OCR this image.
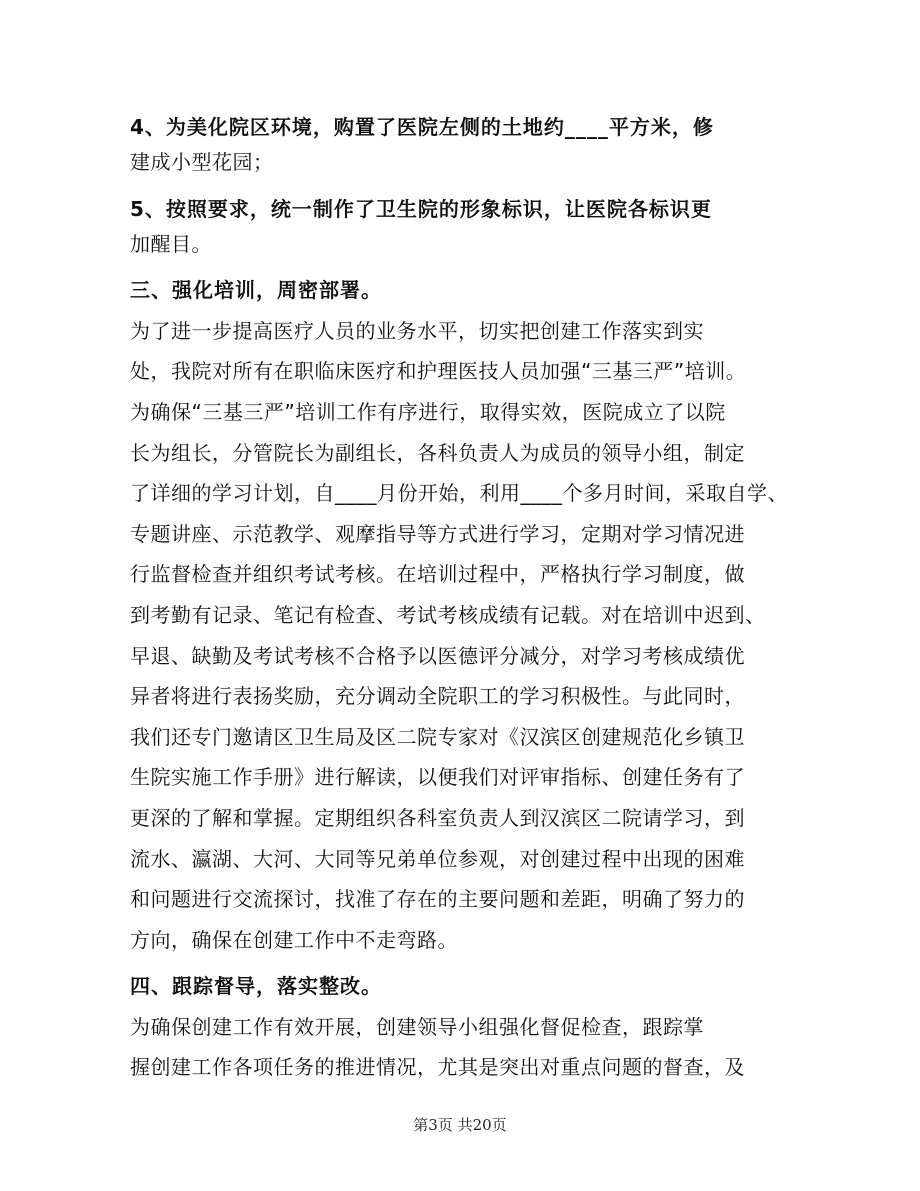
4、为美化院区环境，购置了医院左侧的土地约____平方米，修
建成小型花园；
5、按照要求，统一制作了卫生院的形象标识，让医院各标识更
加醒目。
三、强化培训，周密部署。
为了进一步提高医疗人员的业务水平，切实把创建工作落实到实
处，我院对所有在职临床医疗和护理医技人员加强“三基三严”培训。
为确保“三基三严”培训工作有序进行，取得实效，医院成立了以院
长为组长，分管院长为副组长，各科负责人为成员的领导小组，制定
了详细的学习计划，自____月份开始，利用____个多月时间，采取自学、
专题讲座、示范教学、观摩指导等方式进行学习，定期对学习情况进
行监督检查并组织考试考核。在培训过程中，严格执行学习制度，做
到考勤有记录、笔记有检查、考试考核成绩有记载。对在培训中迟到、
早退、缺勤及考试考核不合格予以医德评分减分，对学习考核成绩优
异者将进行表扬奖励，充分调动全院职工的学习积极性。与此同时，
我们还专门邀请区卫生局及区二院专家对《汉滨区创建规范化乡镇卫
生院实施工作手册》进行解读，以便我们对评审指标、创建任务有了
更深的了解和掌握。定期组织各科室负责人到汉滨区二院请学习，到
流水、瀛湖、大河、大同等兄弟单位参观，对创建过程中出现的困难
和问题进行交流探讨，找准了存在的主要问题和差距，明确了努力的
方向，确保在创建工作中不走弯路。
四、跟踪督导，落实整改。
为确保创建工作有效开展，创建领导小组强化督促检查，跟踪掌
握创建工作各项任务的推进情况，尤其是突出对重点问题的督查，及
第3页 共20页
